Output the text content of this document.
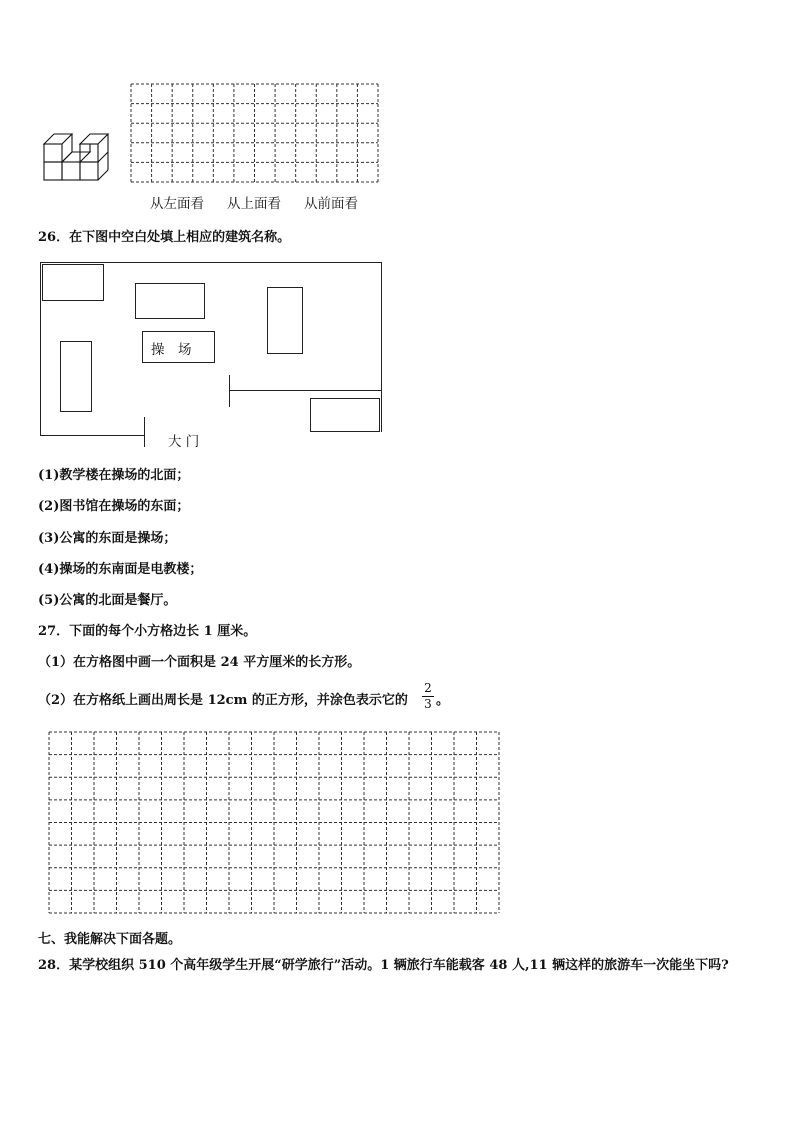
从左面看 从上面看 从前面看
26．在下图中空白处填上相应的建筑名称。
操　场
大 门
(1)教学楼在操场的北面；
(2)图书馆在操场的东面；
(3)公寓的东面是操场；
(4)操场的东南面是电教楼；
(5)公寓的北面是餐厅。
27．下面的每个小方格边长 1 厘米。
（1）在方格图中画一个面积是 24 平方厘米的长方形。
（2）在方格纸上画出周长是 12cm 的正方形，并涂色表示它的
2
3 。
七、我能解决下面各题。
28．某学校组织 510 个高年级学生开展“研学旅行”活动。1 辆旅行车能载客 48 人,11 辆这样的旅游车一次能坐下吗?
